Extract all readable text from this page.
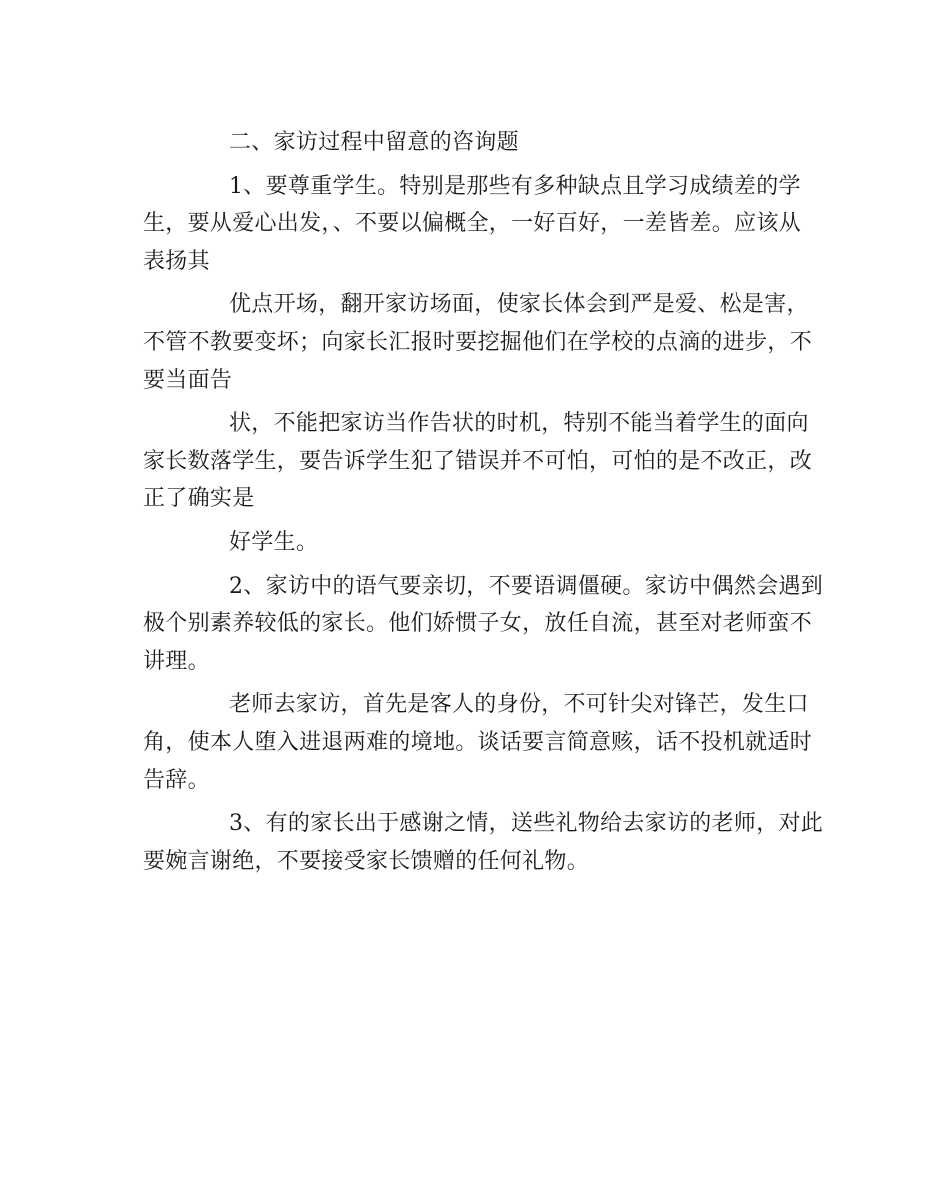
二、家访过程中留意的咨询题
1、要尊重学生。特别是那些有多种缺点且学习成绩差的学
生，要从爱心出发，、不要以偏概全，一好百好，一差皆差。应该从
表扬其
优点开场，翻开家访场面，使家长体会到严是爱、松是害，
不管不教要变坏；向家长汇报时要挖掘他们在学校的点滴的进步，不
要当面告
状，不能把家访当作告状的时机，特别不能当着学生的面向
家长数落学生，要告诉学生犯了错误并不可怕，可怕的是不改正，改
正了确实是
好学生。
2、家访中的语气要亲切，不要语调僵硬。家访中偶然会遇到
极个别素养较低的家长。他们娇惯子女，放任自流，甚至对老师蛮不
讲理。
老师去家访，首先是客人的身份，不可针尖对锋芒，发生口
角，使本人堕入进退两难的境地。谈话要言简意赅，话不投机就适时
告辞。
3、有的家长出于感谢之情，送些礼物给去家访的老师，对此
要婉言谢绝，不要接受家长馈赠的任何礼物。
